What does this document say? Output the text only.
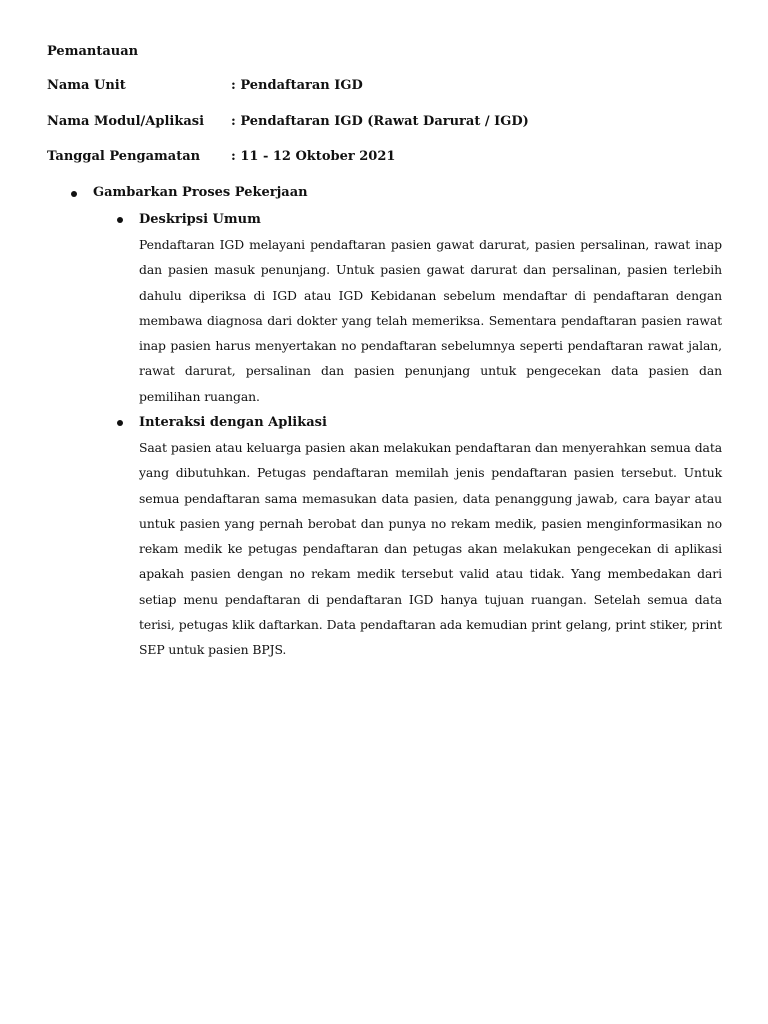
Pemantauan
Nama Unit	: Pendaftaran IGD
Nama Modul/Aplikasi : Pendaftaran IGD (Rawat Darurat / IGD)
Tanggal Pengamatan : 11 - 12 Oktober 2021
Gambarkan Proses Pekerjaan

Deskripsi Umum

Pendaftaran IGD melayani pendaftaran pasien gawat darurat, pasien persalinan, rawat inap dan pasien masuk penunjang. Untuk pasien gawat darurat dan persalinan, pasien terlebih dahulu diperiksa di IGD atau IGD Kebidanan sebelum mendaftar di pendaftaran dengan membawa diagnosa dari dokter yang telah memeriksa. Sementara pendaftaran pasien rawat inap pasien harus menyertakan no pendaftaran sebelumnya seperti pendaftaran rawat jalan, rawat darurat, persalinan dan pasien penunjang untuk pengecekan data pasien dan pemilihan ruangan.

Interaksi dengan Aplikasi

Saat pasien atau keluarga pasien akan melakukan pendaftaran dan menyerahkan semua data yang dibutuhkan. Petugas pendaftaran memilah jenis pendaftaran pasien tersebut. Untuk semua pendaftaran sama memasukan data pasien, data penanggung jawab, cara bayar atau untuk pasien yang pernah berobat dan punya no rekam medik, pasien menginformasikan no rekam medik ke petugas pendaftaran dan petugas akan melakukan pengecekan di aplikasi apakah pasien dengan no rekam medik tersebut valid atau tidak. Yang membedakan dari setiap menu pendaftaran di pendaftaran IGD hanya tujuan ruangan. Setelah semua data terisi, petugas klik daftarkan. Data pendaftaran ada kemudian print gelang, print stiker, print SEP untuk pasien BPJS.
